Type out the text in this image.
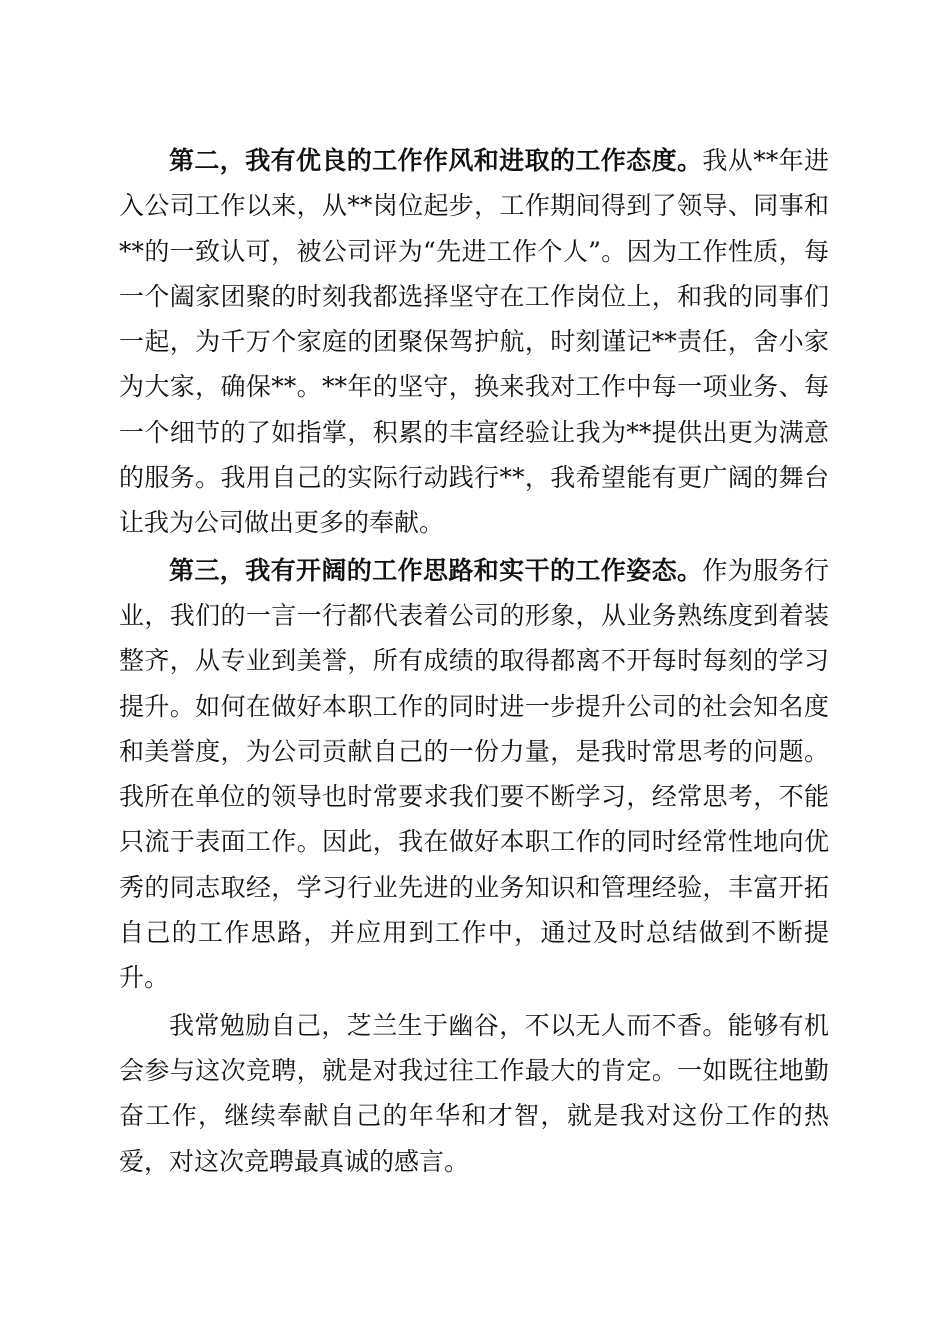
第二，我有优良的工作作风和进取的工作态度。我从**年进入公司工作以来，从**岗位起步，工作期间得到了领导、同事和**的一致认可，被公司评为“先进工作个人”。因为工作性质，每一个阖家团聚的时刻我都选择坚守在工作岗位上，和我的同事们一起，为千万个家庭的团聚保驾护航，时刻谨记**责任，舍小家为大家，确保**。**年的坚守，换来我对工作中每一项业务、每一个细节的了如指掌，积累的丰富经验让我为**提供出更为满意的服务。我用自己的实际行动践行**，我希望能有更广阔的舞台让我为公司做出更多的奉献。

第三，我有开阔的工作思路和实干的工作姿态。作为服务行业，我们的一言一行都代表着公司的形象，从业务熟练度到着装整齐，从专业到美誉，所有成绩的取得都离不开每时每刻的学习提升。如何在做好本职工作的同时进一步提升公司的社会知名度和美誉度，为公司贡献自己的一份力量，是我时常思考的问题。我所在单位的领导也时常要求我们要不断学习，经常思考，不能只流于表面工作。因此，我在做好本职工作的同时经常性地向优秀的同志取经，学习行业先进的业务知识和管理经验，丰富开拓自己的工作思路，并应用到工作中，通过及时总结做到不断提升。

我常勉励自己，芝兰生于幽谷，不以无人而不香。能够有机会参与这次竞聘，就是对我过往工作最大的肯定。一如既往地勤奋工作，继续奉献自己的年华和才智，就是我对这份工作的热爱，对这次竞聘最真诚的感言。
